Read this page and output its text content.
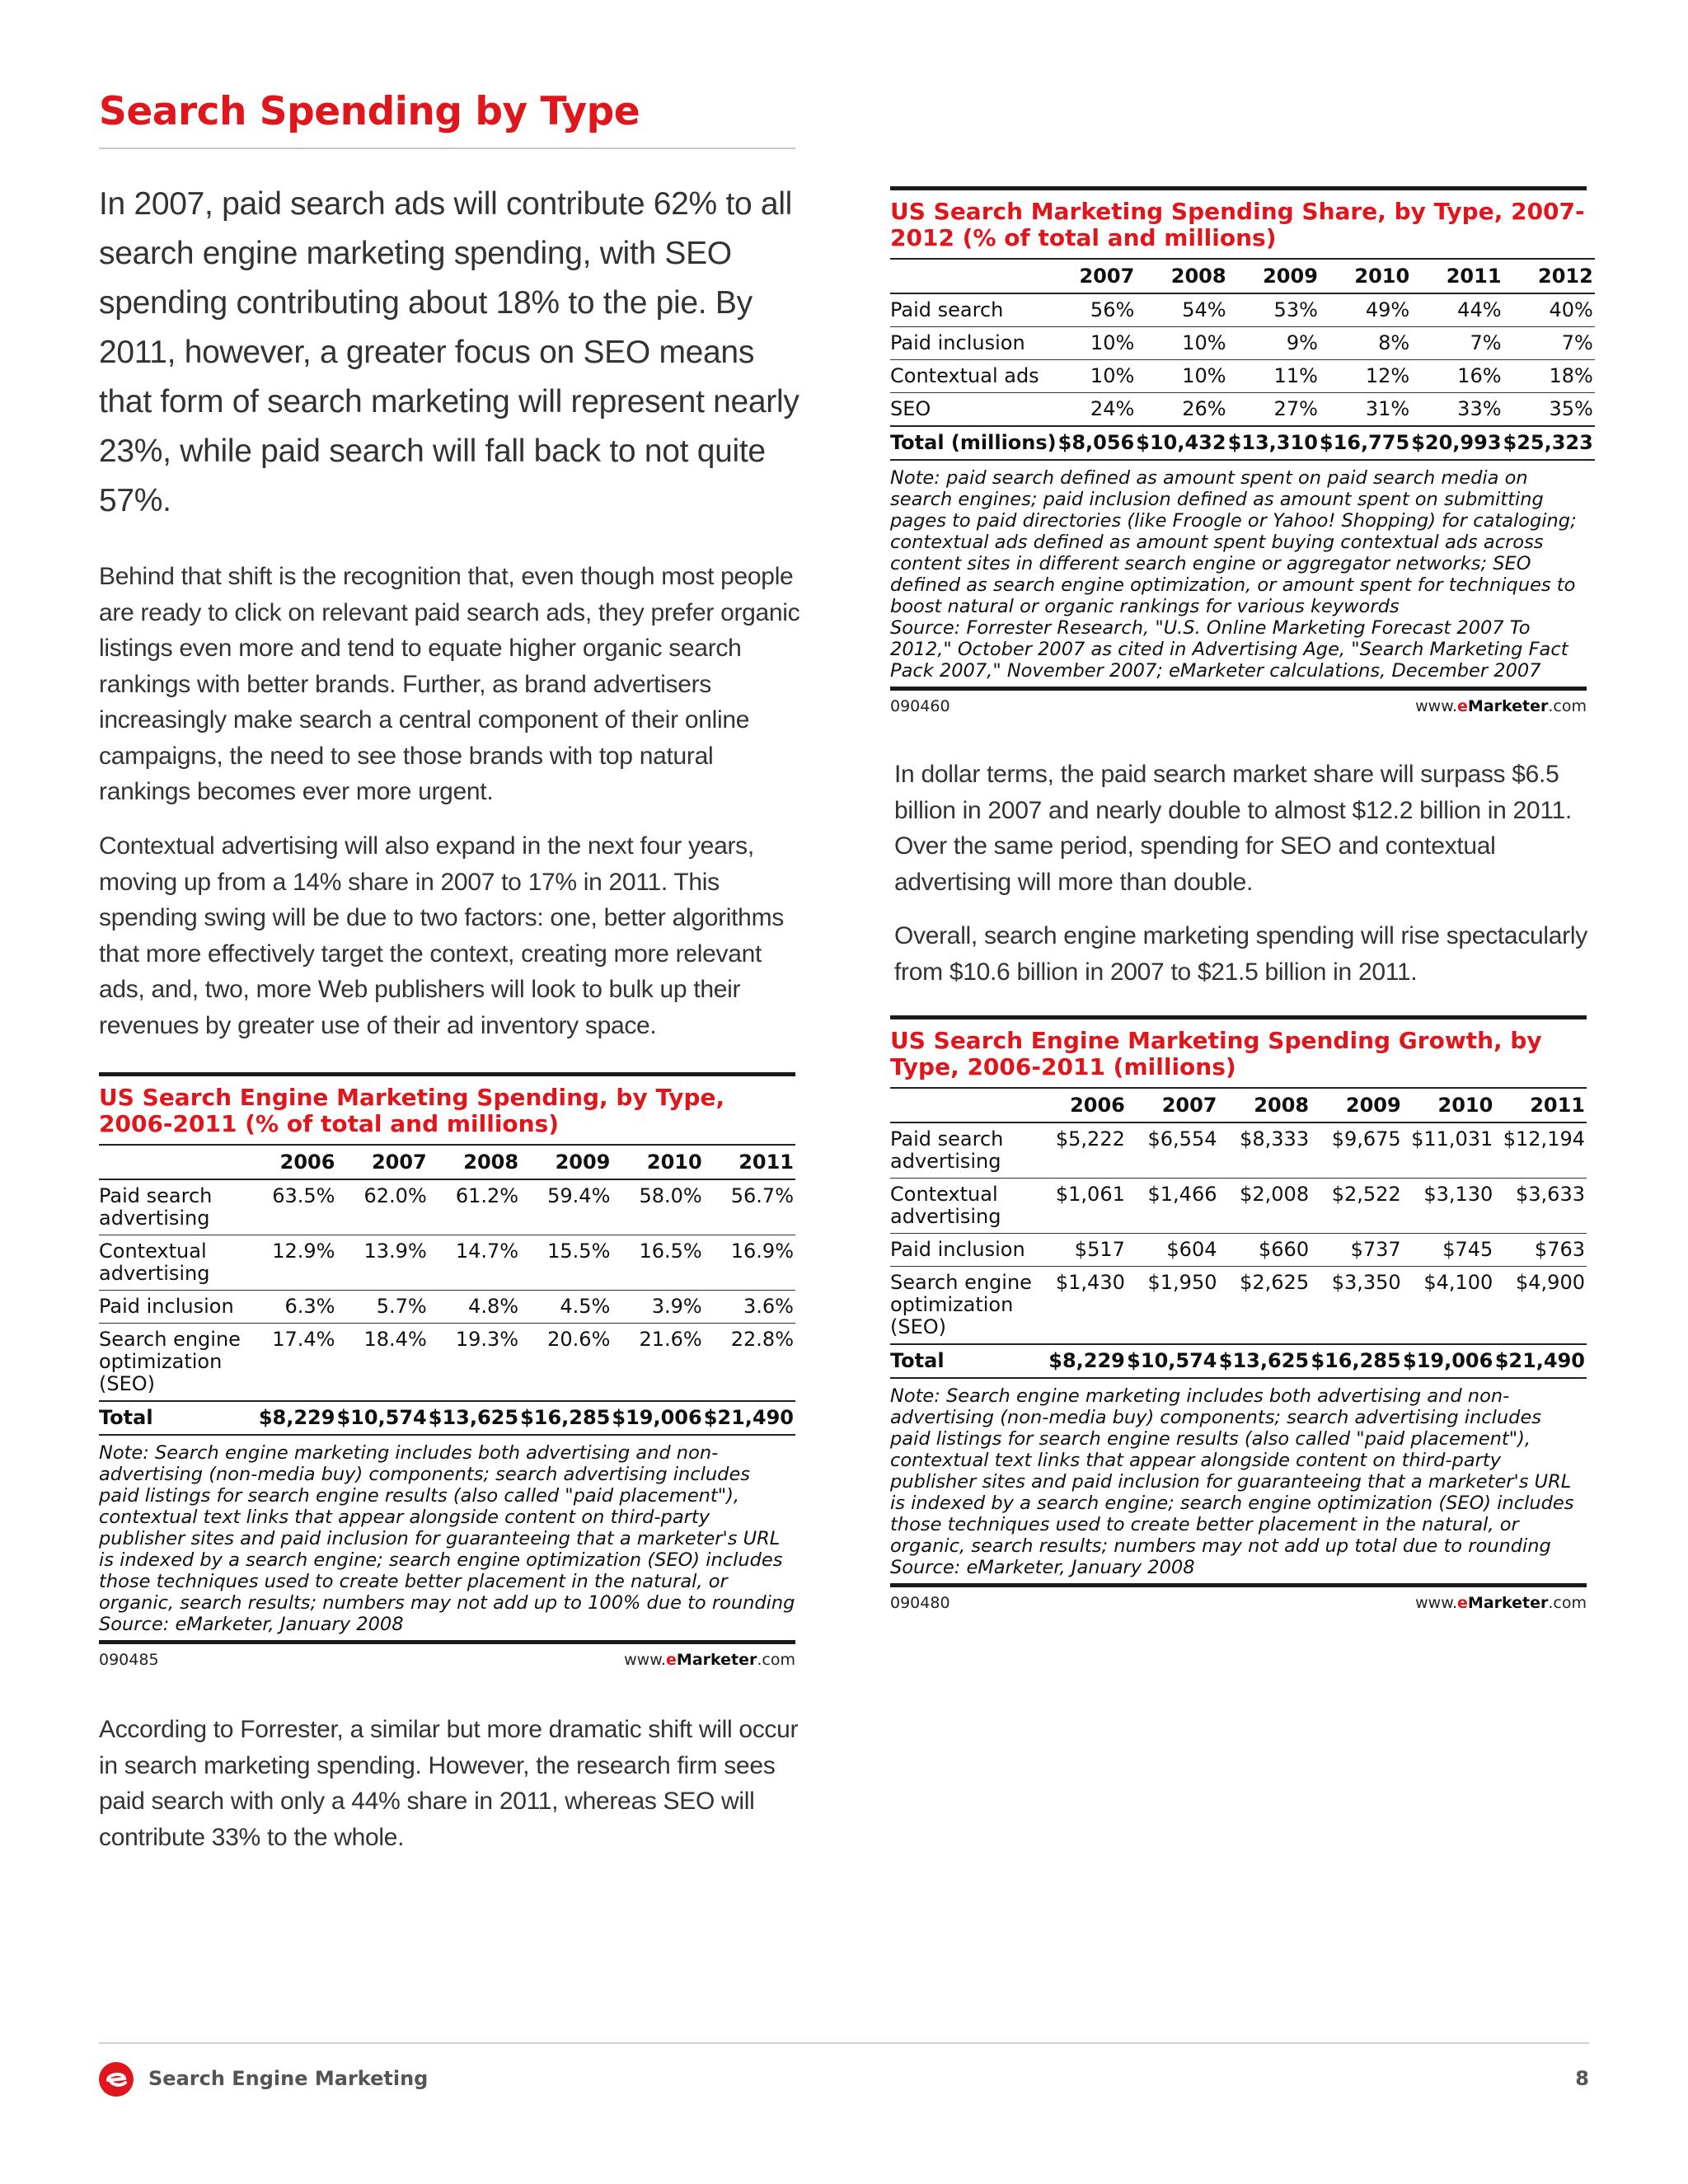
Search Spending by Type

In 2007, paid search ads will contribute 62% to all search engine marketing spending, with SEO spending contributing about 18% to the pie. By 2011, however, a greater focus on SEO means that form of search marketing will represent nearly 23%, while paid search will fall back to not quite 57%.

Behind that shift is the recognition that, even though most people are ready to click on relevant paid search ads, they prefer organic listings even more and tend to equate higher organic search rankings with better brands. Further, as brand advertisers increasingly make search a central component of their online campaigns, the need to see those brands with top natural rankings becomes ever more urgent.

Contextual advertising will also expand in the next four years, moving up from a 14% share in 2007 to 17% in 2011. This spending swing will be due to two factors: one, better algorithms that more effectively target the context, creating more relevant ads, and, two, more Web publishers will look to bulk up their revenues by greater use of their ad inventory space.

US Search Engine Marketing Spending, by Type, 2006-2011 (% of total and millions)
	2006	2007	2008	2009	2010	2011
Paid search advertising	63.5%	62.0%	61.2%	59.4%	58.0%	56.7%
Contextual advertising	12.9%	13.9%	14.7%	15.5%	16.5%	16.9%
Paid inclusion	6.3%	5.7%	4.8%	4.5%	3.9%	3.6%
Search engine optimization (SEO)	17.4%	18.4%	19.3%	20.6%	21.6%	22.8%
Total	$8,229	$10,574	$13,625	$16,285	$19,006	$21,490
Note: Search engine marketing includes both advertising and non-advertising (non-media buy) components; search advertising includes paid listings for search engine results (also called "paid placement"), contextual text links that appear alongside content on third-party publisher sites and paid inclusion for guaranteeing that a marketer's URL is indexed by a search engine; search engine optimization (SEO) includes those techniques used to create better placement in the natural, or organic, search results; numbers may not add up to 100% due to rounding
Source: eMarketer, January 2008
090485	www.eMarketer.com

According to Forrester, a similar but more dramatic shift will occur in search marketing spending. However, the research firm sees paid search with only a 44% share in 2011, whereas SEO will contribute 33% to the whole.

US Search Marketing Spending Share, by Type, 2007-2012 (% of total and millions)
	2007	2008	2009	2010	2011	2012
Paid search	56%	54%	53%	49%	44%	40%
Paid inclusion	10%	10%	9%	8%	7%	7%
Contextual ads	10%	10%	11%	12%	16%	18%
SEO	24%	26%	27%	31%	33%	35%
Total (millions)	$8,056	$10,432	$13,310	$16,775	$20,993	$25,323
Note: paid search defined as amount spent on paid search media on search engines; paid inclusion defined as amount spent on submitting pages to paid directories (like Froogle or Yahoo! Shopping) for cataloging; contextual ads defined as amount spent buying contextual ads across content sites in different search engine or aggregator networks; SEO defined as search engine optimization, or amount spent for techniques to boost natural or organic rankings for various keywords
Source: Forrester Research, "U.S. Online Marketing Forecast 2007 To 2012," October 2007 as cited in Advertising Age, "Search Marketing Fact Pack 2007," November 2007; eMarketer calculations, December 2007
090460	www.eMarketer.com

In dollar terms, the paid search market share will surpass $6.5 billion in 2007 and nearly double to almost $12.2 billion in 2011. Over the same period, spending for SEO and contextual advertising will more than double.

Overall, search engine marketing spending will rise spectacularly from $10.6 billion in 2007 to $21.5 billion in 2011.

US Search Engine Marketing Spending Growth, by Type, 2006-2011 (millions)
	2006	2007	2008	2009	2010	2011
Paid search advertising	$5,222	$6,554	$8,333	$9,675	$11,031	$12,194
Contextual advertising	$1,061	$1,466	$2,008	$2,522	$3,130	$3,633
Paid inclusion	$517	$604	$660	$737	$745	$763
Search engine optimization (SEO)	$1,430	$1,950	$2,625	$3,350	$4,100	$4,900
Total	$8,229	$10,574	$13,625	$16,285	$19,006	$21,490
Note: Search engine marketing includes both advertising and non-advertising (non-media buy) components; search advertising includes paid listings for search engine results (also called "paid placement"), contextual text links that appear alongside content on third-party publisher sites and paid inclusion for guaranteeing that a marketer's URL is indexed by a search engine; search engine optimization (SEO) includes those techniques used to create better placement in the natural, or organic, search results; numbers may not add up total due to rounding
Source: eMarketer, January 2008
090480	www.eMarketer.com
Search Engine Marketing	8
